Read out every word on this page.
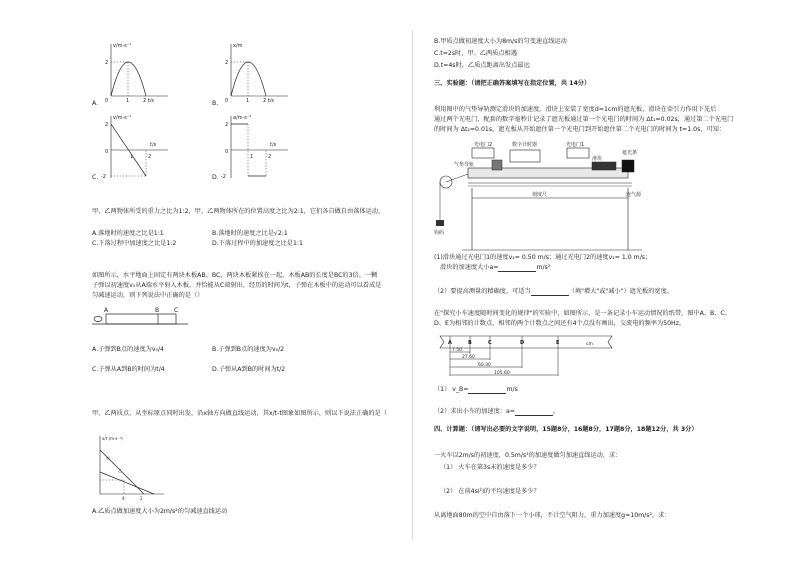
v/m·s⁻¹
2
0	1	2 t/s
A.
x/m
2
0	1	2 t/s
B.
v/m·s⁻¹
2
0
-2
1	2
t/s
C.
a/m·s⁻²
2
0
-2
1	2
t/s
D.
甲、乙两物体所受的重力之比为1:2，甲、乙两物体所在的位置高度之比为2:1，它们各自做自由落体运动，
A.落地时的速度之比是1:1	B.落地时的速度之比是√2:1
C.下落过程中加速度之比是1:2	D.下落过程中的加速度之比是1:1
如图所示，水平地面上固定有两块木板AB、BC，两块木板紧挨在一起，木板AB的长度是BC的3倍。一颗
子弹以初速度v₀从A端水平射入木板，并恰能从C端射出，经历的时间为t，子弹在木板中的运动可以看成是
匀减速运动，则下列说法中正确的是（）
A	B C
A.子弹到B点的速度为v₀/4	B.子弹到B点的速度为v₀/2
C.子弹从A到B的时间为t/4	D.子弹从A到B的时间为t/2
甲、乙两质点，从坐标原点同时出发，沿x轴方向做直线运动，其x/t-t图象如图所示，则以下说法正确的是（
x/t (m·s⁻¹)
甲
乙
4	2
A.乙质点做加速度大小为2m/s²的匀减速直线运动
B.甲质点做初速度大小为8m/s的匀变速直线运动
C.t=2s时，甲、乙两质点相遇
D.t=4s时，乙质点距离出发点最远
三、实验题：（请把正确答案填写在指定位置，共 14分）
利用图中的气垫导轨测定滑块的加速度，滑块上安装了宽度d=1cm的遮光板，滑块在牵引力作用下先后
通过两个光电门，配套的数字毫秒计记录了遮光板通过第一个光电门的时间为 Δt₁=0.02s，通过第二个光电门
的时间为 Δt₂=0.01s，遮光板从开始遮住第一个光电门到开始遮住第二个光电门的时间为 t=1.0s，可知：
光电门2	数字计时器	光电门1
气垫导轨
滑块
遮光条
刻度尺	连气源
钩码
(1)滑块通过光电门1的速度v₁= 0.50 m/s；通过光电门2的速度v₂= 1.0 m/s；
滑块的加速度大小a=	m/s²
（2）要提高测量的精确度，可适当	（填"增大"或"减小"）遮光板的宽度。
在"探究小车速度随时间变化的规律"的实验中，如图所示，是一条记录小车运动情况的纸带，图中A、B、C、
D、E为相邻的计数点，相邻的两个计数点之间还有4个点没有画出，交流电的频率为50Hz。
A	B	C	D	E	cm
7.50
27.60
60.30
105.60
（1） v_B=	m/s
（2）求出小车的加速度：a=	。
四、计算题：（请写出必要的文字说明，15题8分，16题8分，17题8分，18题12分，共 3分）
一火车以2m/s的初速度，0.5m/s²的加速度做匀加速直线运动，求：
（1） 火车在第3s末的速度是多少？
（2） 在前4s内的平均速度是多少？
从离地面80m的空中自由落下一个小球，不计空气阻力，重力加速度g=10m/s²，求：
